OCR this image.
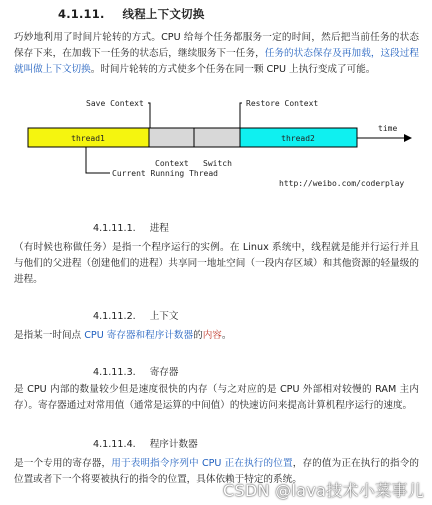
4.1.11. 线程上下文切换
巧妙地利用了时间片轮转的方式。CPU 给每个任务都服务一定的时间，然后把当前任务的状态保存下来，在加载下一任务的状态后，继续服务下一任务，任务的状态保存及再加载，这段过程就叫做上下文切换。时间片轮转的方式使多个任务在同一颗 CPU 上执行变成了可能。
Save Context	Restore Context
time
thread1	thread2
Context Switch
Current Running Thread
http://weibo.com/coderplay
4.1.11.1. 进程
（有时候也称做任务）是指一个程序运行的实例。在 Linux 系统中，线程就是能并行运行并且与他们的父进程（创建他们的进程）共享同一地址空间（一段内存区域）和其他资源的轻量级的进程。
4.1.11.2. 上下文
是指某一时间点 CPU 寄存器和程序计数器的内容。
4.1.11.3. 寄存器
是 CPU 内部的数量较少但是速度很快的内存（与之对应的是 CPU 外部相对较慢的 RAM 主内存）。寄存器通过对常用值（通常是运算的中间值）的快速访问来提高计算机程序运行的速度。
4.1.11.4. 程序计数器
是一个专用的寄存器，用于表明指令序列中 CPU 正在执行的位置，存的值为正在执行的指令的位置或者下一个将要被执行的指令的位置，具体依赖于特定的系统。
CSDN @lava技术小菜事儿
